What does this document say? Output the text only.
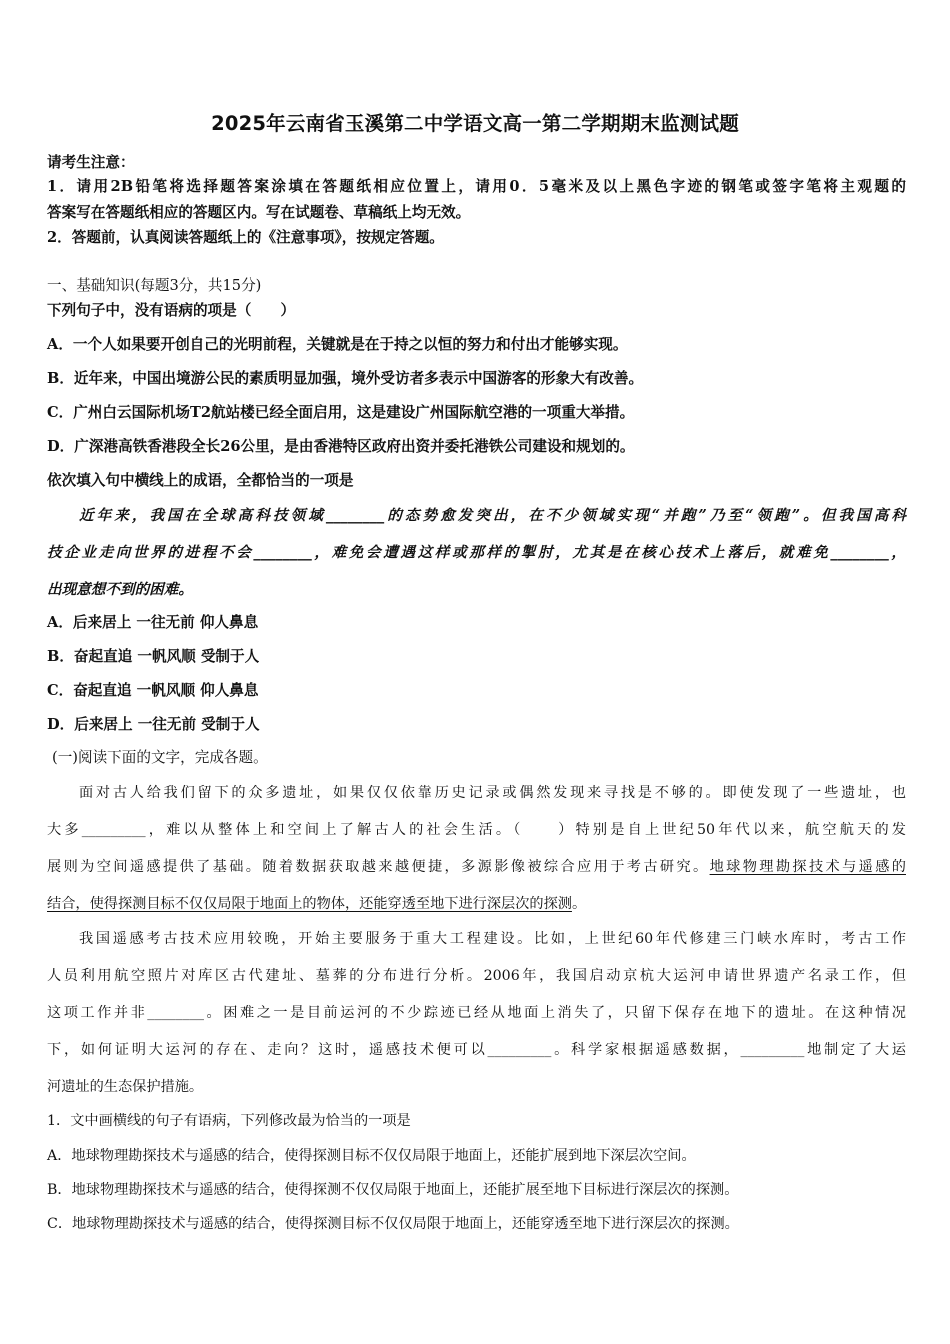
2025年云南省玉溪第二中学语文高一第二学期期末监测试题
请考生注意：
1．请用2B铅笔将选择题答案涂填在答题纸相应位置上，请用0．5毫米及以上黑色字迹的钢笔或签字笔将主观题的
答案写在答题纸相应的答题区内。写在试题卷、草稿纸上均无效。
2．答题前，认真阅读答题纸上的《注意事项》，按规定答题。
一、基础知识(每题3分，共15分)
下列句子中，没有语病的项是（　　）
A．一个人如果要开创自己的光明前程，关键就是在于持之以恒的努力和付出才能够实现。
B．近年来，中国出境游公民的素质明显加强，境外受访者多表示中国游客的形象大有改善。
C．广州白云国际机场T2航站楼已经全面启用，这是建设广州国际航空港的一项重大举措。
D．广深港高铁香港段全长26公里，是由香港特区政府出资并委托港铁公司建设和规划的。
依次填入句中横线上的成语，全都恰当的一项是
近年来，我国在全球高科技领域________的态势愈发突出，在不少领域实现“并跑”乃至“领跑”。但我国高科
技企业走向世界的进程不会________，难免会遭遇这样或那样的掣肘，尤其是在核心技术上落后，就难免________，
出现意想不到的困难。
A．后来居上 一往无前 仰人鼻息
B．奋起直追 一帆风顺 受制于人
C．奋起直追 一帆风顺 仰人鼻息
D．后来居上 一往无前 受制于人
(一)阅读下面的文字，完成各题。
面对古人给我们留下的众多遗址，如果仅仅依靠历史记录或偶然发现来寻找是不够的。即使发现了一些遗址，也
大多_________，难以从整体上和空间上了解古人的社会生活。（　　）特别是自上世纪50年代以来，航空航天的发
展则为空间遥感提供了基础。随着数据获取越来越便捷，多源影像被综合应用于考古研究。地球物理勘探技术与遥感的
结合，使得探测目标不仅仅局限于地面上的物体，还能穿透至地下进行深层次的探测。
我国遥感考古技术应用较晚，开始主要服务于重大工程建设。比如，上世纪60年代修建三门峡水库时，考古工作
人员利用航空照片对库区古代建址、墓葬的分布进行分析。2006年，我国启动京杭大运河申请世界遗产名录工作，但
这项工作并非________。困难之一是目前运河的不少踪迹已经从地面上消失了，只留下保存在地下的遗址。在这种情况
下，如何证明大运河的存在、走向？这时，遥感技术便可以_________。科学家根据遥感数据，_________地制定了大运
河遗址的生态保护措施。
1．文中画横线的句子有语病，下列修改最为恰当的一项是
A．地球物理勘探技术与遥感的结合，使得探测目标不仅仅局限于地面上，还能扩展到地下深层次空间。
B．地球物理勘探技术与遥感的结合，使得探测不仅仅局限于地面上，还能扩展至地下目标进行深层次的探测。
C．地球物理勘探技术与遥感的结合，使得探测目标不仅仅局限于地面上，还能穿透至地下进行深层次的探测。
